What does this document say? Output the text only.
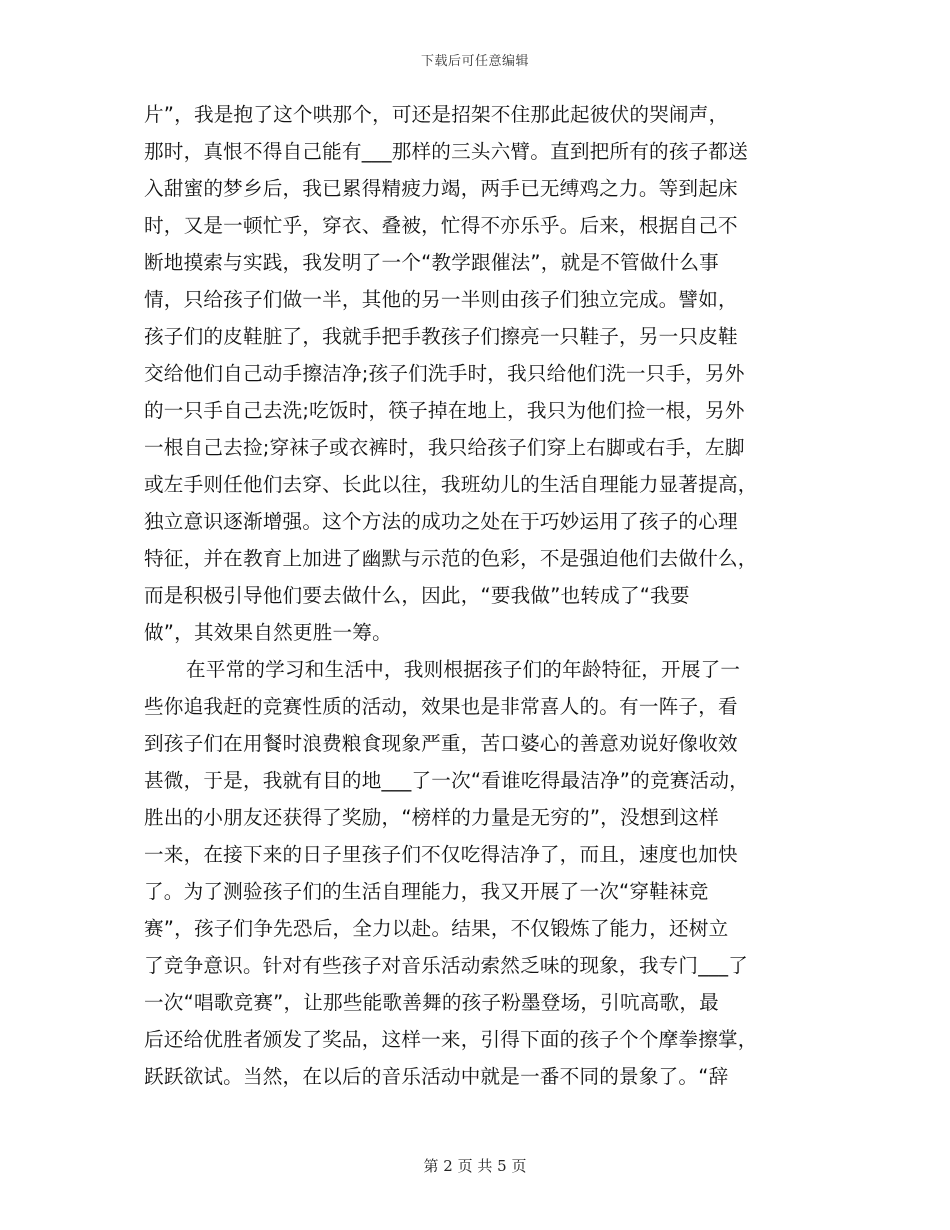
下载后可任意编辑
片”，我是抱了这个哄那个，可还是招架不住那此起彼伏的哭闹声，
那时，真恨不得自己能有___那样的三头六臂。直到把所有的孩子都送
入甜蜜的梦乡后，我已累得精疲力竭，两手已无缚鸡之力。等到起床
时，又是一顿忙乎，穿衣、叠被，忙得不亦乐乎。后来，根据自己不
断地摸索与实践，我发明了一个“教学跟催法”，就是不管做什么事
情，只给孩子们做一半，其他的另一半则由孩子们独立完成。譬如，
孩子们的皮鞋脏了，我就手把手教孩子们擦亮一只鞋子，另一只皮鞋
交给他们自己动手擦洁净;孩子们洗手时，我只给他们洗一只手，另外
的一只手自己去洗;吃饭时，筷子掉在地上，我只为他们捡一根，另外
一根自己去捡;穿袜子或衣裤时，我只给孩子们穿上右脚或右手，左脚
或左手则任他们去穿、长此以往，我班幼儿的生活自理能力显著提高，
独立意识逐渐增强。这个方法的成功之处在于巧妙运用了孩子的心理
特征，并在教育上加进了幽默与示范的色彩，不是强迫他们去做什么，
而是积极引导他们要去做什么，因此，“要我做”也转成了“我要
做”，其效果自然更胜一筹。
在平常的学习和生活中，我则根据孩子们的年龄特征，开展了一
些你追我赶的竞赛性质的活动，效果也是非常喜人的。有一阵子，看
到孩子们在用餐时浪费粮食现象严重，苦口婆心的善意劝说好像收效
甚微，于是，我就有目的地___了一次“看谁吃得最洁净”的竞赛活动，
胜出的小朋友还获得了奖励，“榜样的力量是无穷的”，没想到这样
一来，在接下来的日子里孩子们不仅吃得洁净了，而且，速度也加快
了。为了测验孩子们的生活自理能力，我又开展了一次“穿鞋袜竞
赛”，孩子们争先恐后，全力以赴。结果，不仅锻炼了能力，还树立
了竞争意识。针对有些孩子对音乐活动索然乏味的现象，我专门___了
一次“唱歌竞赛”，让那些能歌善舞的孩子粉墨登场，引吭高歌，最
后还给优胜者颁发了奖品，这样一来，引得下面的孩子个个摩拳擦掌，
跃跃欲试。当然，在以后的音乐活动中就是一番不同的景象了。“辞
第 2 页 共 5 页
